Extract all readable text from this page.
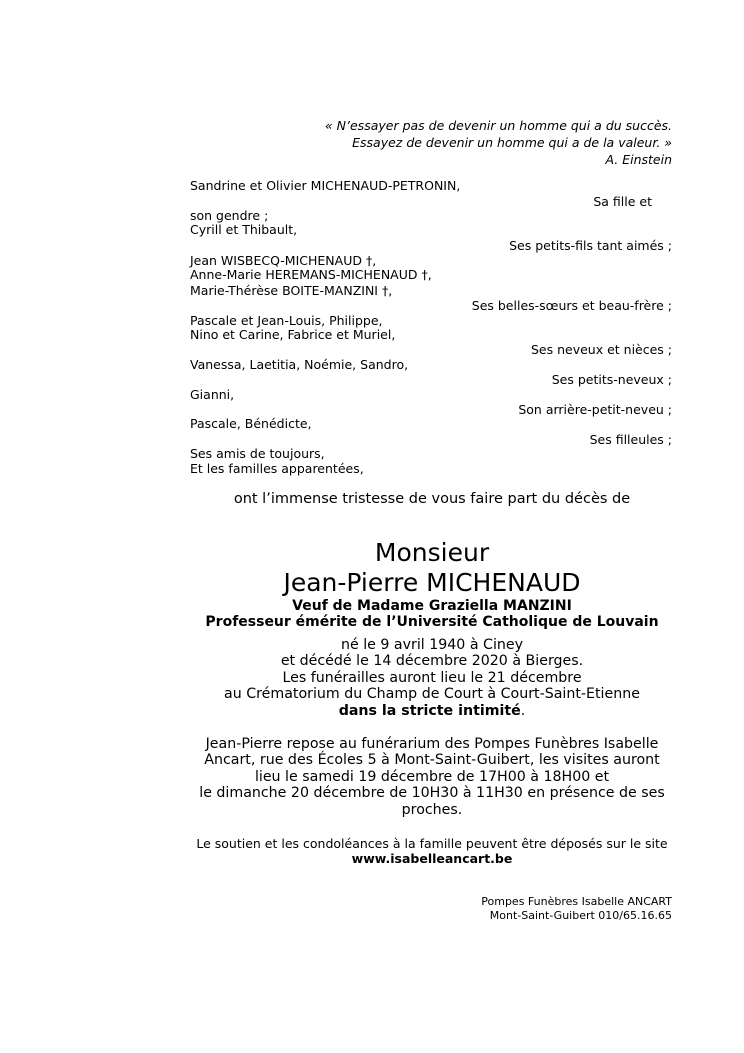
« N’essayer pas de devenir un homme qui a du succès.
Essayez de devenir un homme qui a de la valeur. »
A. Einstein
Sandrine et Olivier MICHENAUD-PETRONIN,
Sa fille et
son gendre ;
Cyrill et Thibault,
Ses petits-fils tant aimés ;
Jean WISBECQ-MICHENAUD †,
Anne-Marie HEREMANS-MICHENAUD †,
Marie-Thérèse BOITE-MANZINI †,
Ses belles-sœurs et beau-frère ;
Pascale et Jean-Louis, Philippe,
Nino et Carine, Fabrice et Muriel,
Ses neveux et nièces ;
Vanessa, Laetitia, Noémie, Sandro,
Ses petits-neveux ;
Gianni,
Son arrière-petit-neveu ;
Pascale, Bénédicte,
Ses filleules ;
Ses amis de toujours,
Et les familles apparentées,
ont l’immense tristesse de vous faire part du décès de
Monsieur
Jean-Pierre MICHENAUD
Veuf de Madame Graziella MANZINI
Professeur émérite de l’Université Catholique de Louvain
né le 9 avril 1940 à Ciney
et décédé le 14 décembre 2020 à Bierges.
Les funérailles auront lieu le 21 décembre
au Crématorium du Champ de Court à Court-Saint-Etienne
dans la stricte intimité.
Jean-Pierre repose au funérarium des Pompes Funèbres Isabelle
Ancart, rue des Écoles 5 à Mont-Saint-Guibert, les visites auront
lieu le samedi 19 décembre de 17H00 à 18H00 et
le dimanche 20 décembre de 10H30 à 11H30 en présence de ses
proches.
Le soutien et les condoléances à la famille peuvent être déposés sur le site
www.isabelleancart.be
Pompes Funèbres Isabelle ANCART
Mont-Saint-Guibert 010/65.16.65
